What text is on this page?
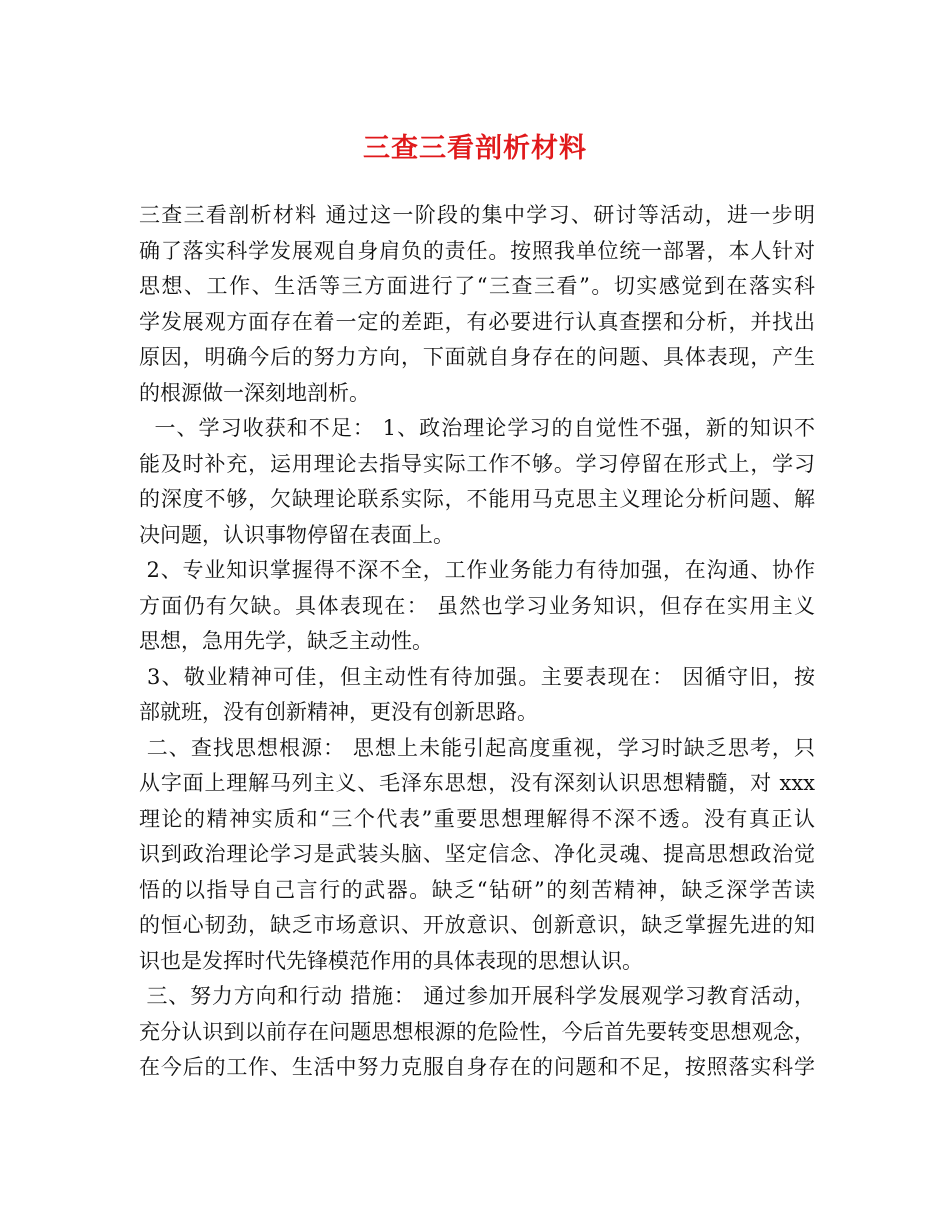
三查三看剖析材料
三查三看剖析材料 通过这一阶段的集中学习、研讨等活动，进一步明
确了落实科学发展观自身肩负的责任。按照我单位统一部署，本人针对
思想、工作、生活等三方面进行了“三查三看”。切实感觉到在落实科
学发展观方面存在着一定的差距，有必要进行认真查摆和分析，并找出
原因，明确今后的努力方向，下面就自身存在的问题、具体表现，产生
的根源做一深刻地剖析。
一、学习收获和不足： 1、政治理论学习的自觉性不强，新的知识不
能及时补充，运用理论去指导实际工作不够。学习停留在形式上，学习
的深度不够，欠缺理论联系实际，不能用马克思主义理论分析问题、解
决问题，认识事物停留在表面上。
2、专业知识掌握得不深不全，工作业务能力有待加强，在沟通、协作
方面仍有欠缺。具体表现在： 虽然也学习业务知识，但存在实用主义
思想，急用先学，缺乏主动性。
3、敬业精神可佳，但主动性有待加强。主要表现在： 因循守旧，按
部就班，没有创新精神，更没有创新思路。
二、查找思想根源： 思想上未能引起高度重视，学习时缺乏思考，只
从字面上理解马列主义、毛泽东思想，没有深刻认识思想精髓，对 xxx
理论的精神实质和“三个代表”重要思想理解得不深不透。没有真正认
识到政治理论学习是武装头脑、坚定信念、净化灵魂、提高思想政治觉
悟的以指导自己言行的武器。缺乏“钻研”的刻苦精神，缺乏深学苦读
的恒心韧劲，缺乏市场意识、开放意识、创新意识，缺乏掌握先进的知
识也是发挥时代先锋模范作用的具体表现的思想认识。
三、努力方向和行动 措施： 通过参加开展科学发展观学习教育活动，
充分认识到以前存在问题思想根源的危险性，今后首先要转变思想观念，
在今后的工作、生活中努力克服自身存在的问题和不足，按照落实科学
